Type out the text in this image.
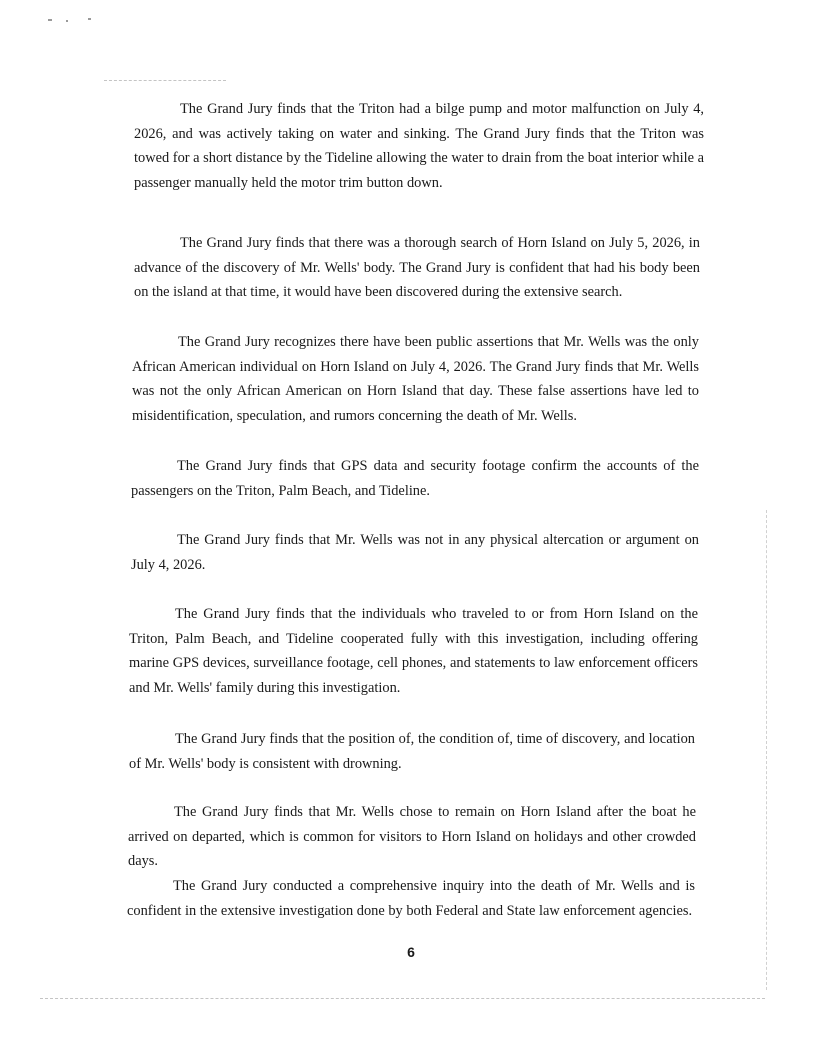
The Grand Jury finds that the Triton had a bilge pump and motor malfunction on July 4, 2026, and was actively taking on water and sinking. The Grand Jury finds that the Triton was towed for a short distance by the Tideline allowing the water to drain from the boat interior while a passenger manually held the motor trim button down.

The Grand Jury finds that there was a thorough search of Horn Island on July 5, 2026, in advance of the discovery of Mr. Wells' body. The Grand Jury is confident that had his body been on the island at that time, it would have been discovered during the extensive search.

The Grand Jury recognizes there have been public assertions that Mr. Wells was the only African American individual on Horn Island on July 4, 2026. The Grand Jury finds that Mr. Wells was not the only African American on Horn Island that day. These false assertions have led to misidentification, speculation, and rumors concerning the death of Mr. Wells.

The Grand Jury finds that GPS data and security footage confirm the accounts of the passengers on the Triton, Palm Beach, and Tideline.

The Grand Jury finds that Mr. Wells was not in any physical altercation or argument on July 4, 2026.

The Grand Jury finds that the individuals who traveled to or from Horn Island on the Triton, Palm Beach, and Tideline cooperated fully with this investigation, including offering marine GPS devices, surveillance footage, cell phones, and statements to law enforcement officers and Mr. Wells' family during this investigation.

The Grand Jury finds that the position of, the condition of, time of discovery, and location of Mr. Wells' body is consistent with drowning.

The Grand Jury finds that Mr. Wells chose to remain on Horn Island after the boat he arrived on departed, which is common for visitors to Horn Island on holidays and other crowded days.

The Grand Jury conducted a comprehensive inquiry into the death of Mr. Wells and is confident in the extensive investigation done by both Federal and State law enforcement agencies.

6
